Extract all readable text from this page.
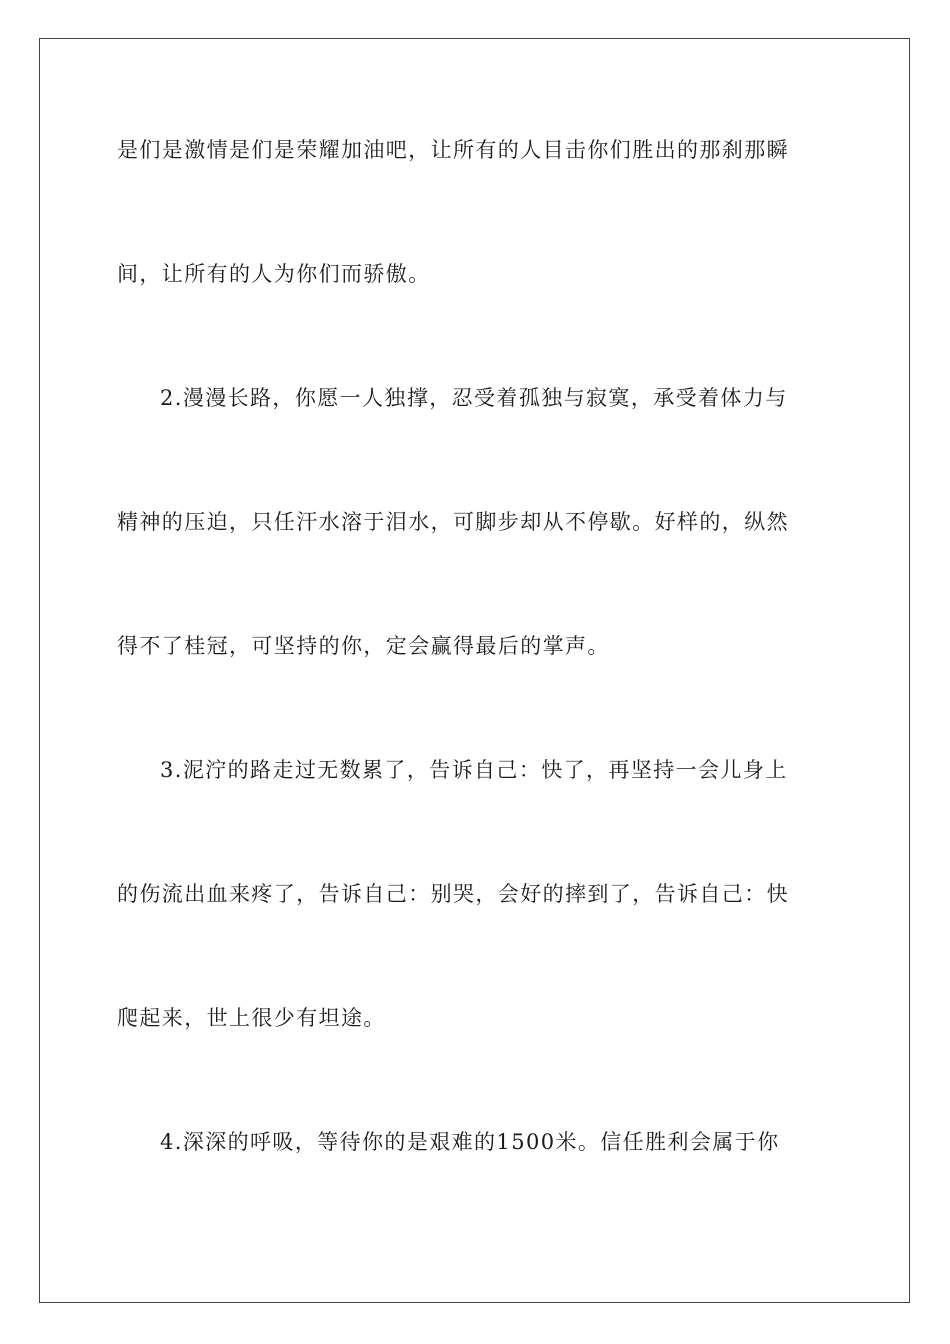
是们是激情是们是荣耀加油吧，让所有的人目击你们胜出的那刹那瞬
间，让所有的人为你们而骄傲。
2.漫漫长路，你愿一人独撑，忍受着孤独与寂寞，承受着体力与
精神的压迫，只任汗水溶于泪水，可脚步却从不停歇。好样的，纵然
得不了桂冠，可坚持的你，定会赢得最后的掌声。
3.泥泞的路走过无数累了，告诉自己：快了，再坚持一会儿身上
的伤流出血来疼了，告诉自己：别哭，会好的摔到了，告诉自己：快
爬起来，世上很少有坦途。
4.深深的呼吸，等待你的是艰难的1500米。信任胜利会属于你
